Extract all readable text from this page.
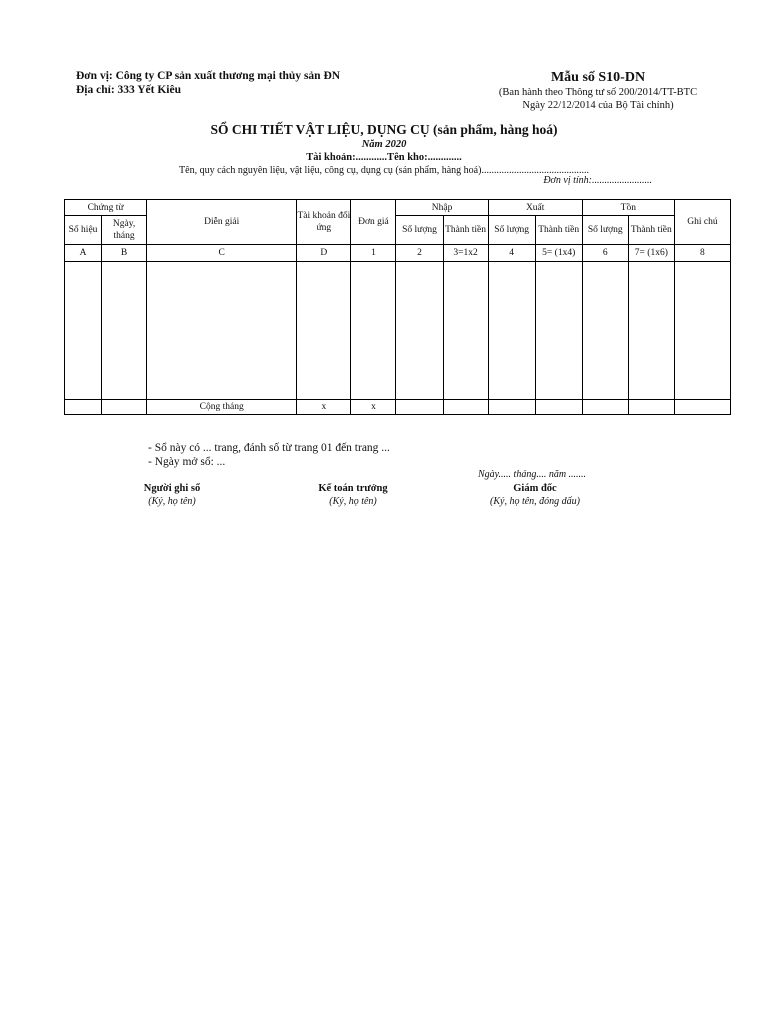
Đơn vị: Công ty CP sản xuất thương mại thủy sản ĐN
Địa chỉ: 333 Yết Kiêu
Mẫu số S10-DN
(Ban hành theo Thông tư số 200/2014/TT-BTC
Ngày 22/12/2014 của Bộ Tài chính)
SỔ CHI TIẾT VẬT LIỆU, DỤNG CỤ (sản phẩm, hàng hoá)
Năm 2020
Tài khoản:............Tên kho:.............
Tên, quy cách nguyên liệu, vật liệu, công cụ, dụng cụ (sản phẩm, hàng hoá)...........................................
Đơn vị tính:........................
Chứng từ		Diễn giải	Tài khoản đối ứng	Đơn giá	Nhập		Xuất		Tồn		Ghi chú
Số hiệu	Ngày, tháng				Số lượng	Thành tiền	Số lượng	Thành tiền	Số lượng	Thành tiền	
A	B	C	D	1	2	3=1x2	4	5= (1x4)	6	7= (1x6)	8

		Cộng tháng	x	x							
- Sổ này có ... trang, đánh số từ trang 01 đến trang ...
- Ngày mở sổ: ...
Ngày..... tháng.... năm .......
Người ghi sổ
(Ký, họ tên)
Kế toán trưởng
(Ký, họ tên)
Giám đốc
(Ký, họ tên, đóng dấu)
